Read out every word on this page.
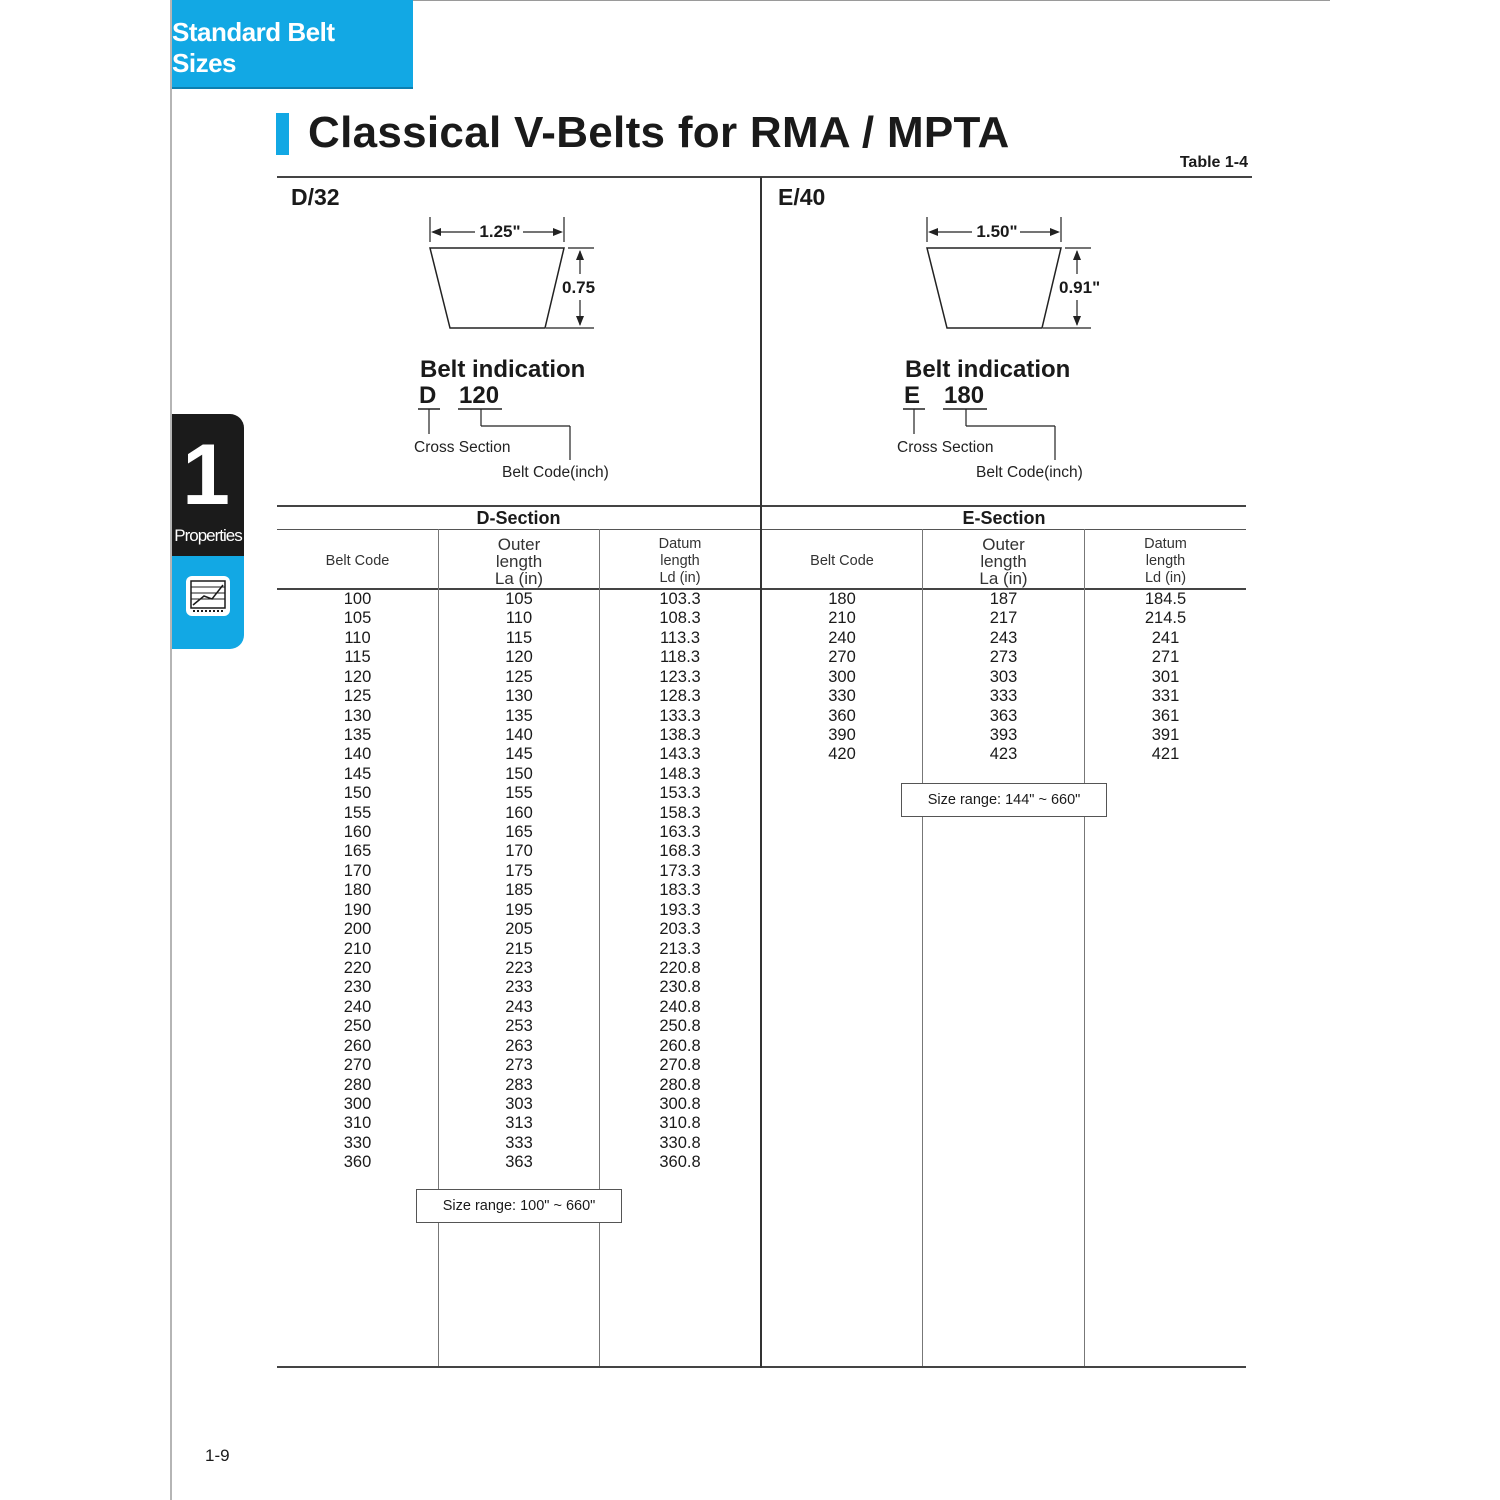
Standard Belt Sizes
1
Properties
Classical V-Belts for RMA / MPTA
Table 1-4
D/32
1.25"
0.75
Belt indication
D 120
Cross Section
Belt Code(inch)
D-Section
Belt Code
Outer
length
La (in)
Datum
length
Ld (in)
100
105
110
115
120
125
130
135
140
145
150
155
160
165
170
180
190
200
210
220
230
240
250
260
270
280
300
310
330
360
105
110
115
120
125
130
135
140
145
150
155
160
165
170
175
185
195
205
215
223
233
243
253
263
273
283
303
313
333
363
103.3
108.3
113.3
118.3
123.3
128.3
133.3
138.3
143.3
148.3
153.3
158.3
163.3
168.3
173.3
183.3
193.3
203.3
213.3
220.8
230.8
240.8
250.8
260.8
270.8
280.8
300.8
310.8
330.8
360.8
Size range: 100" ~ 660"
E/40
1.50"
0.91"
Belt indication
E 180
Cross Section
Belt Code(inch)
E-Section
Belt Code
Outer
length
La (in)
Datum
length
Ld (in)
180
210
240
270
300
330
360
390
420
187
217
243
273
303
333
363
393
423
184.5
214.5
241
271
301
331
361
391
421
Size range: 144" ~ 660"
1-9
